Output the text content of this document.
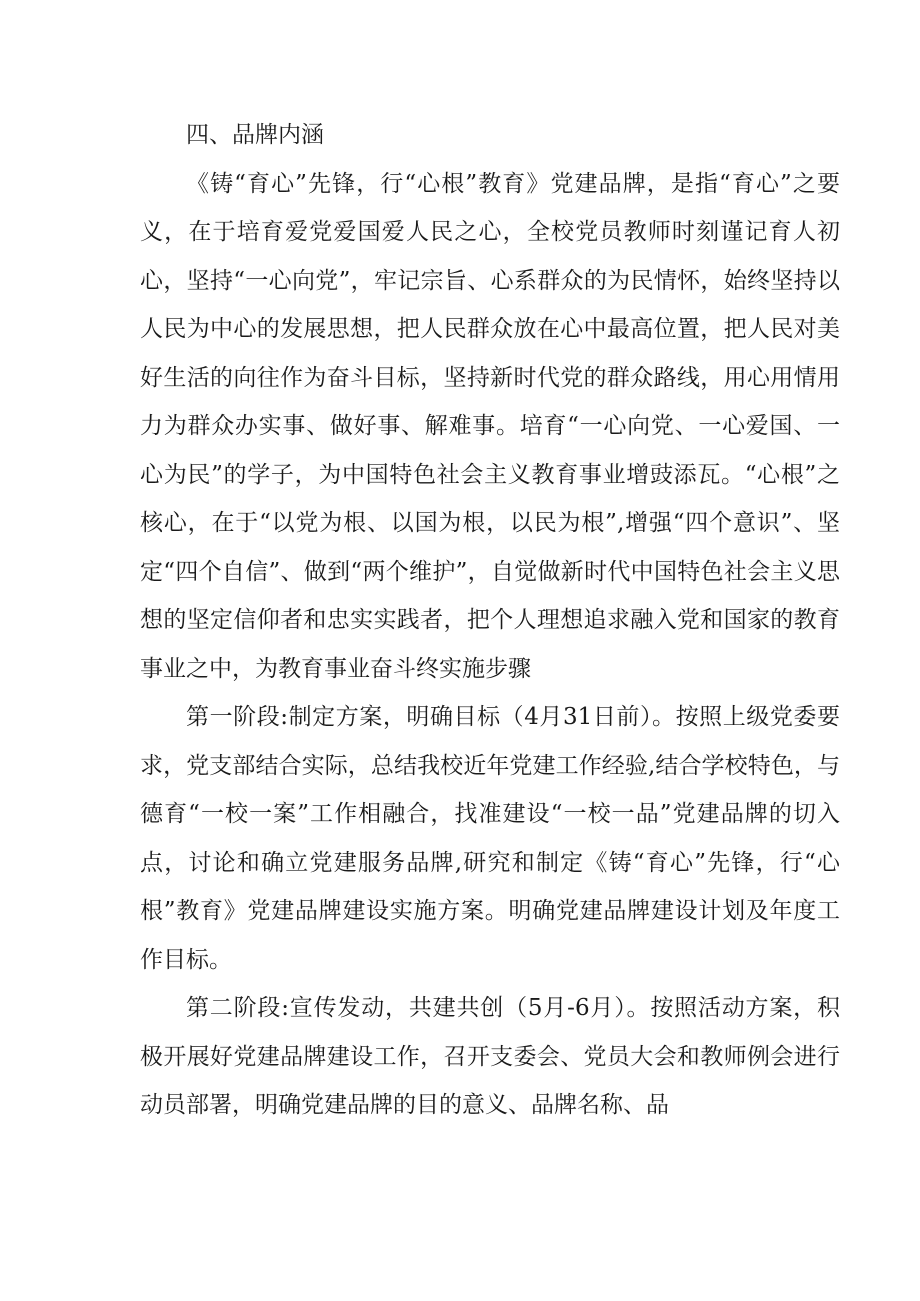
四、品牌内涵

《铸“育心”先锋，行“心根”教育》党建品牌，是指“育心”之要义，在于培育爱党爱国爱人民之心，全校党员教师时刻谨记育人初心，坚持“一心向党”，牢记宗旨、心系群众的为民情怀，始终坚持以人民为中心的发展思想，把人民群众放在心中最高位置，把人民对美好生活的向往作为奋斗目标，坚持新时代党的群众路线，用心用情用力为群众办实事、做好事、解难事。培育“一心向党、一心爱国、一心为民”的学子，为中国特色社会主义教育事业增豉添瓦。“心根”之核心，在于“以党为根、以国为根，以民为根”,增强“四个意识”、坚定“四个自信”、做到“两个维护”，自觉做新时代中国特色社会主义思想的坚定信仰者和忠实实践者，把个人理想追求融入党和国家的教育事业之中，为教育事业奋斗终实施步骤

第一阶段:制定方案，明确目标（4月31日前）。按照上级党委要求，党支部结合实际，总结我校近年党建工作经验,结合学校特色，与德育“一校一案”工作相融合，找准建设“一校一品”党建品牌的切入点，讨论和确立党建服务品牌,研究和制定《铸“育心”先锋，行“心根”教育》党建品牌建设实施方案。明确党建品牌建设计划及年度工作目标。

第二阶段:宣传发动，共建共创（5月-6月）。按照活动方案，积极开展好党建品牌建设工作，召开支委会、党员大会和教师例会进行动员部署，明确党建品牌的目的意义、品牌名称、品
